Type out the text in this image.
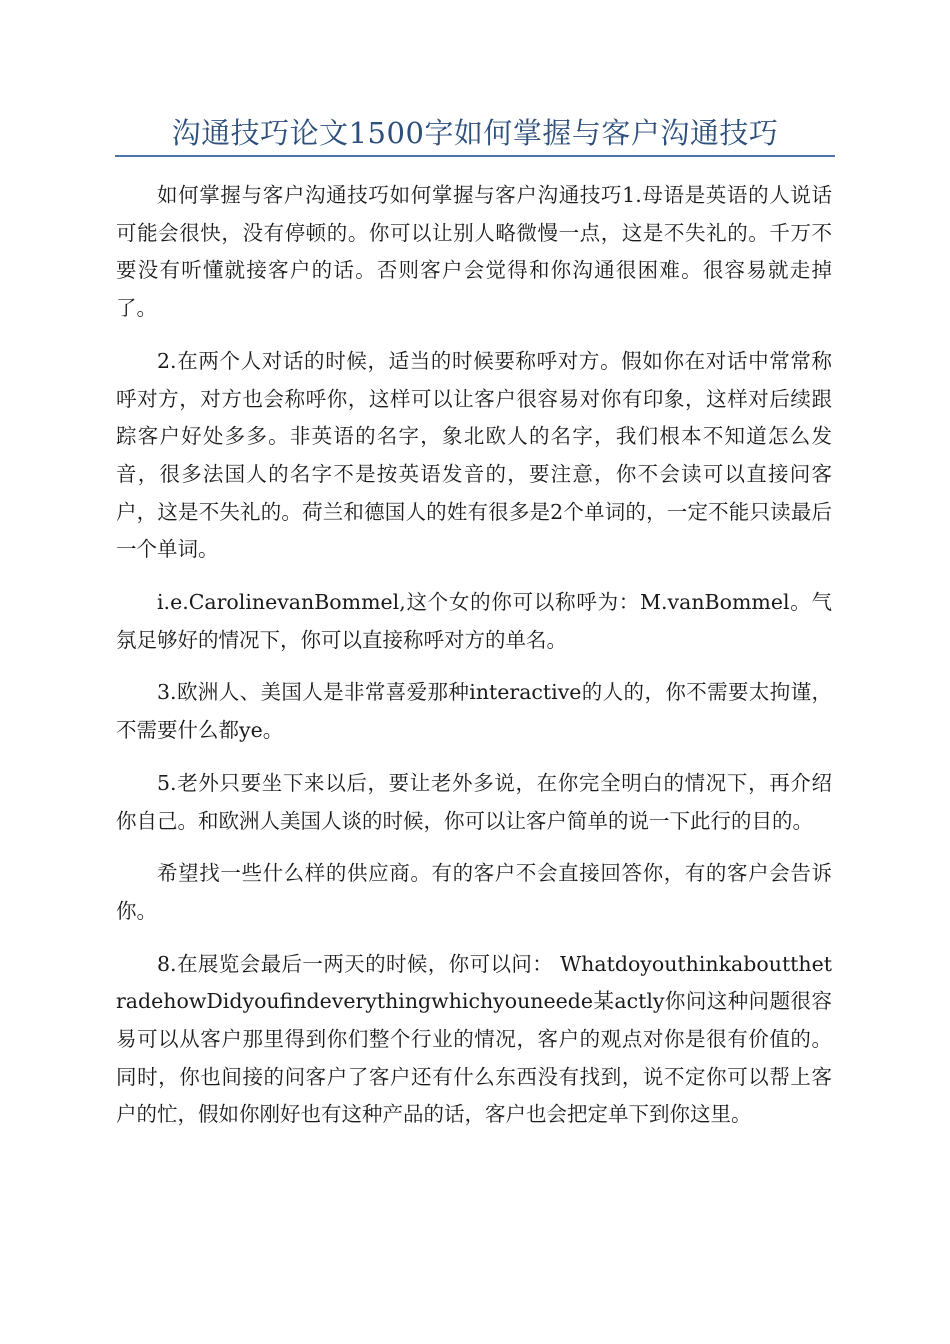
沟通技巧论文1500字如何掌握与客户沟通技巧

如何掌握与客户沟通技巧如何掌握与客户沟通技巧1.母语是英语的人说话可能会很快，没有停顿的。你可以让别人略微慢一点，这是不失礼的。千万不要没有听懂就接客户的话。否则客户会觉得和你沟通很困难。很容易就走掉了。

2.在两个人对话的时候，适当的时候要称呼对方。假如你在对话中常常称呼对方，对方也会称呼你，这样可以让客户很容易对你有印象，这样对后续跟踪客户好处多多。非英语的名字，象北欧人的名字，我们根本不知道怎么发音，很多法国人的名字不是按英语发音的，要注意，你不会读可以直接问客户，这是不失礼的。荷兰和德国人的姓有很多是2个单词的，一定不能只读最后一个单词。

i.e.CarolinevanBommel,这个女的你可以称呼为：M.vanBommel。气氛足够好的情况下，你可以直接称呼对方的单名。

3.欧洲人、美国人是非常喜爱那种interactive的人的，你不需要太拘谨，不需要什么都ye。

5.老外只要坐下来以后，要让老外多说，在你完全明白的情况下，再介绍你自己。和欧洲人美国人谈的时候，你可以让客户简单的说一下此行的目的。

希望找一些什么样的供应商。有的客户不会直接回答你，有的客户会告诉你。

8.在展览会最后一两天的时候，你可以问： WhatdoyouthinkaboutthetradehowDidyoufindeverythingwhichyouneede某actly你问这种问题很容易可以从客户那里得到你们整个行业的情况，客户的观点对你是很有价值的。同时，你也间接的问客户了客户还有什么东西没有找到，说不定你可以帮上客户的忙，假如你刚好也有这种产品的话，客户也会把定单下到你这里。
